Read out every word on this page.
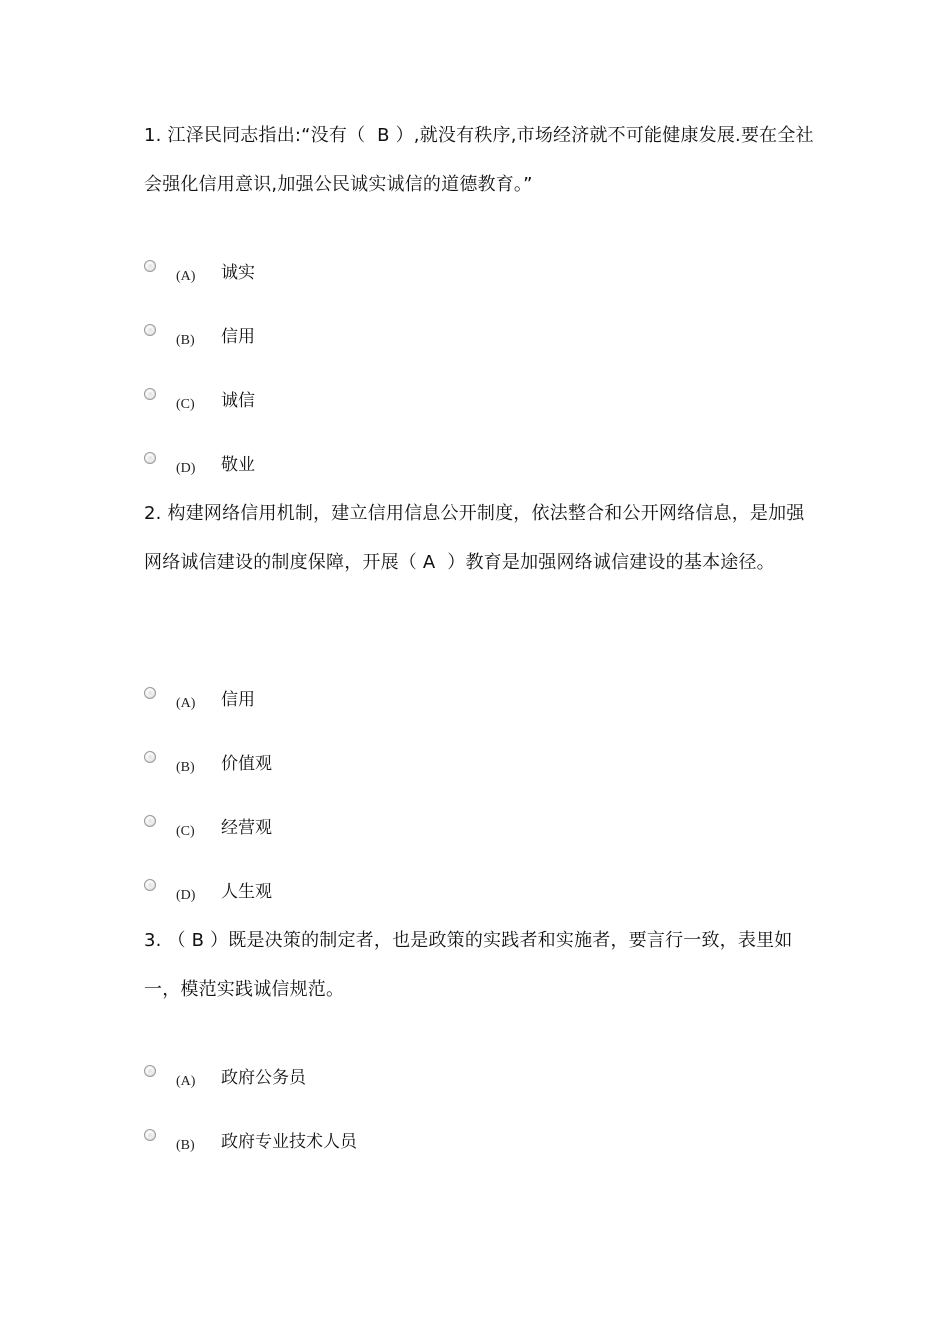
1. 江泽民同志指出:“没有（  B ）,就没有秩序,市场经济就不可能健康发展.要在全社会强化信用意识,加强公民诚实诚信的道德教育。”

(A) 诚实
(B) 信用
(C) 诚信
(D) 敬业

2. 构建网络信用机制，建立信用信息公开制度，依法整合和公开网络信息，是加强网络诚信建设的制度保障，开展（ A  ）教育是加强网络诚信建设的基本途径。

(A) 信用
(B) 价值观
(C) 经营观
(D) 人生观

3. （ B ）既是决策的制定者，也是政策的实践者和实施者，要言行一致，表里如一，模范实践诚信规范。

(A) 政府公务员
(B) 政府专业技术人员
